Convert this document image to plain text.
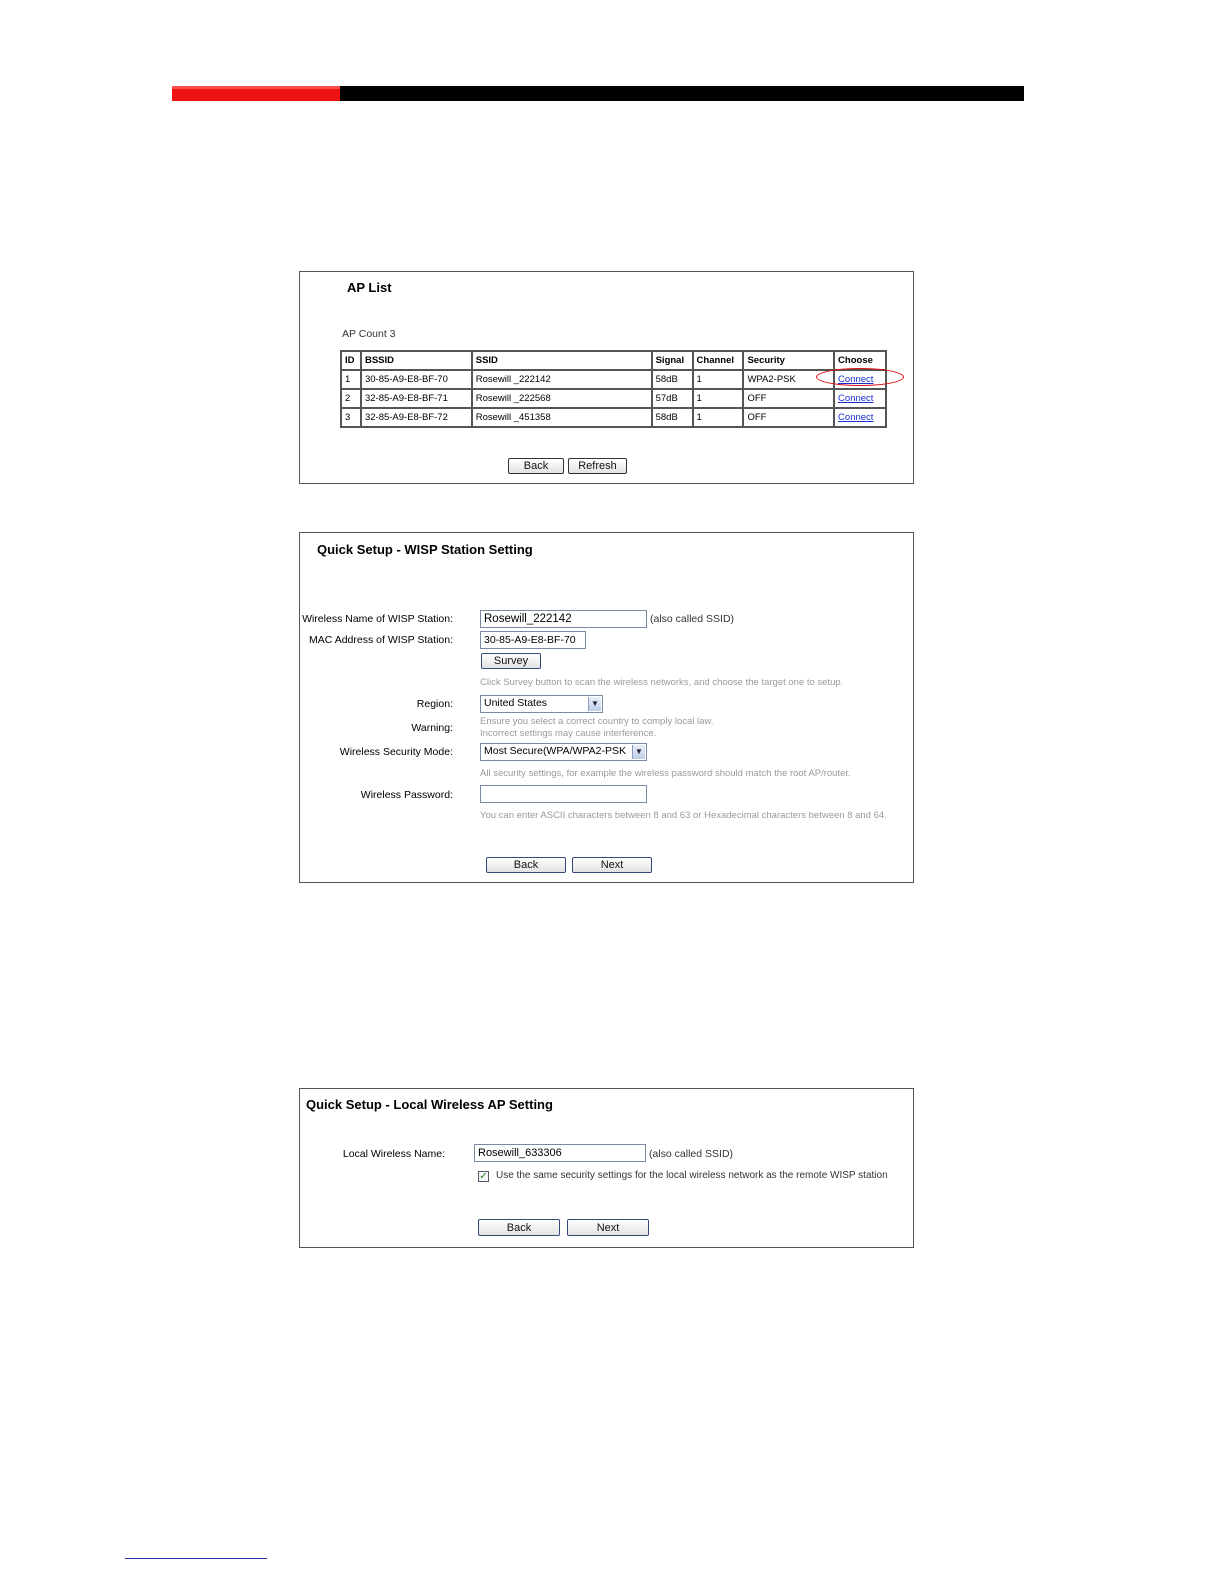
AP List
AP Count 3
ID	BSSID	SSID	Signal	Channel	Security	Choose
1	30-85-A9-E8-BF-70	Rosewill _222142	58dB	1	WPA2-PSK	Connect
2	32-85-A9-E8-BF-71	Rosewill _222568	57dB	1	OFF	Connect
3	32-85-A9-E8-BF-72	Rosewill _451358	58dB	1	OFF	Connect
Back	Refresh
Quick Setup - WISP Station Setting
Wireless Name of WISP Station:
Rosewill_222142	(also called SSID)
MAC Address of WISP Station:
30-85-A9-E8-BF-70
Survey
Click Survey button to scan the wireless networks, and choose the target one to setup.
Region:	United States	▼
Warning:
Ensure you select a correct country to comply local law.
Incorrect settings may cause interference.
Wireless Security Mode:	Most Secure(WPA/WPA2-PSK	▼
All security settings, for example the wireless password should match the root AP/router.
Wireless Password:
You can enter ASCII characters between 8 and 63 or Hexadecimal characters between 8 and 64.
Back	Next
Quick Setup - Local Wireless AP Setting
Local Wireless Name:
Rosewill_633306	(also called SSID)
✓ Use the same security settings for the local wireless network as the remote WISP station
Back	Next
